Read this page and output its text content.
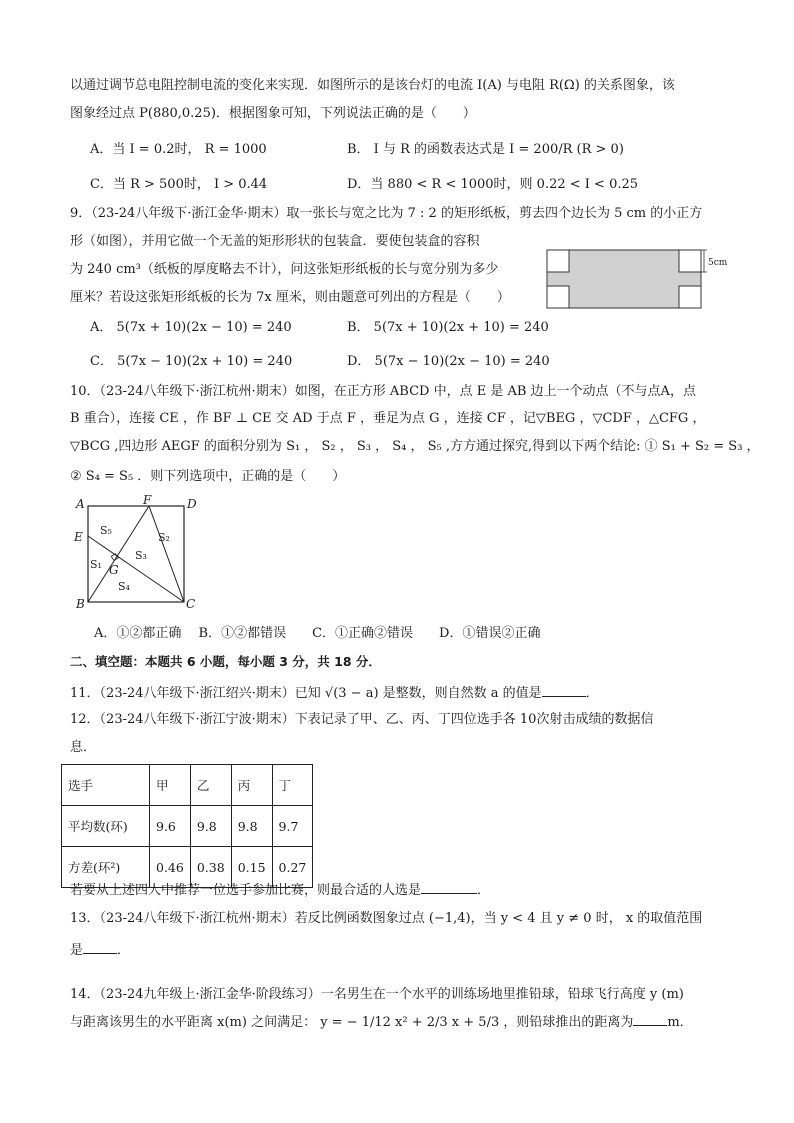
以通过调节总电阻控制电流的变化来实现．如图所示的是该台灯的电流 I(A) 与电阻 R(Ω) 的关系图象，该
图象经过点 P(880,0.25)．根据图象可知，下列说法正确的是（　　）
A．当 I = 0.2时， R = 1000	B． I 与 R 的函数表达式是 I = 200/R (R > 0)
C．当 R > 500时， I > 0.44	D．当 880 < R < 1000时，则 0.22 < I < 0.25
9．（23-24八年级下·浙江金华·期末）取一张长与宽之比为 7 : 2 的矩形纸板，剪去四个边长为 5 cm 的小正方
形（如图），并用它做一个无盖的矩形形状的包装盒．要使包装盒的容积
为 240 cm³（纸板的厚度略去不计），问这张矩形纸板的长与宽分别为多少
厘米？若设这张矩形纸板的长为 7x 厘米，则由题意可列出的方程是（　　）
5cm
A． 5(7x + 10)(2x − 10) = 240	B． 5(7x + 10)(2x + 10) = 240
C． 5(7x − 10)(2x + 10) = 240	D． 5(7x − 10)(2x − 10) = 240
10．（23-24八年级下·浙江杭州·期末）如图，在正方形 ABCD 中，点 E 是 AB 边上一个动点（不与点A，点
B 重合），连接 CE ，作 BF ⊥ CE 交 AD 于点 F ，垂足为点 G ，连接 CF ，记▽BEG ，▽CDF ，△CFG ，
▽BCG ,四边形 AEGF 的面积分别为 S₁ ， S₂ ， S₃ ， S₄ ， S₅ ,方方通过探究,得到以下两个结论: ① S₁ + S₂ = S₃ ，
② S₄ = S₅ ．则下列选项中，正确的是（　　）
A	F	D
E
G
B	C
S₅
S₂
S₃
S₁
S₄
A．①②都正确　 B．①②都错误　　C．①正确②错误　　D．①错误②正确
二、填空题：本题共 6 小题，每小题 3 分，共 18 分．
11．（23-24八年级下·浙江绍兴·期末）已知 √(3 − a) 是整数，则自然数 a 的值是	．
12．（23-24八年级下·浙江宁波·期末）下表记录了甲、乙、丙、丁四位选手各 10次射击成绩的数据信
息．
选手	甲	乙	丙	丁
平均数(环)	9.6	9.8	9.8	9.7
方差(环²)	0.46	0.38	0.15	0.27
若要从上述四人中推荐一位选手参加比赛，则最合适的人选是	．
13．（23-24八年级下·浙江杭州·期末）若反比例函数图象过点 (−1,4)，当 y < 4 且 y ≠ 0 时， x 的取值范围
是	．
14．（23-24九年级上·浙江金华·阶段练习）一名男生在一个水平的训练场地里推铅球，铅球飞行高度 y (m)
与距离该男生的水平距离 x(m) 之间满足： y = − 1/12 x² + 2/3 x + 5/3 ，则铅球推出的距离为	m．
